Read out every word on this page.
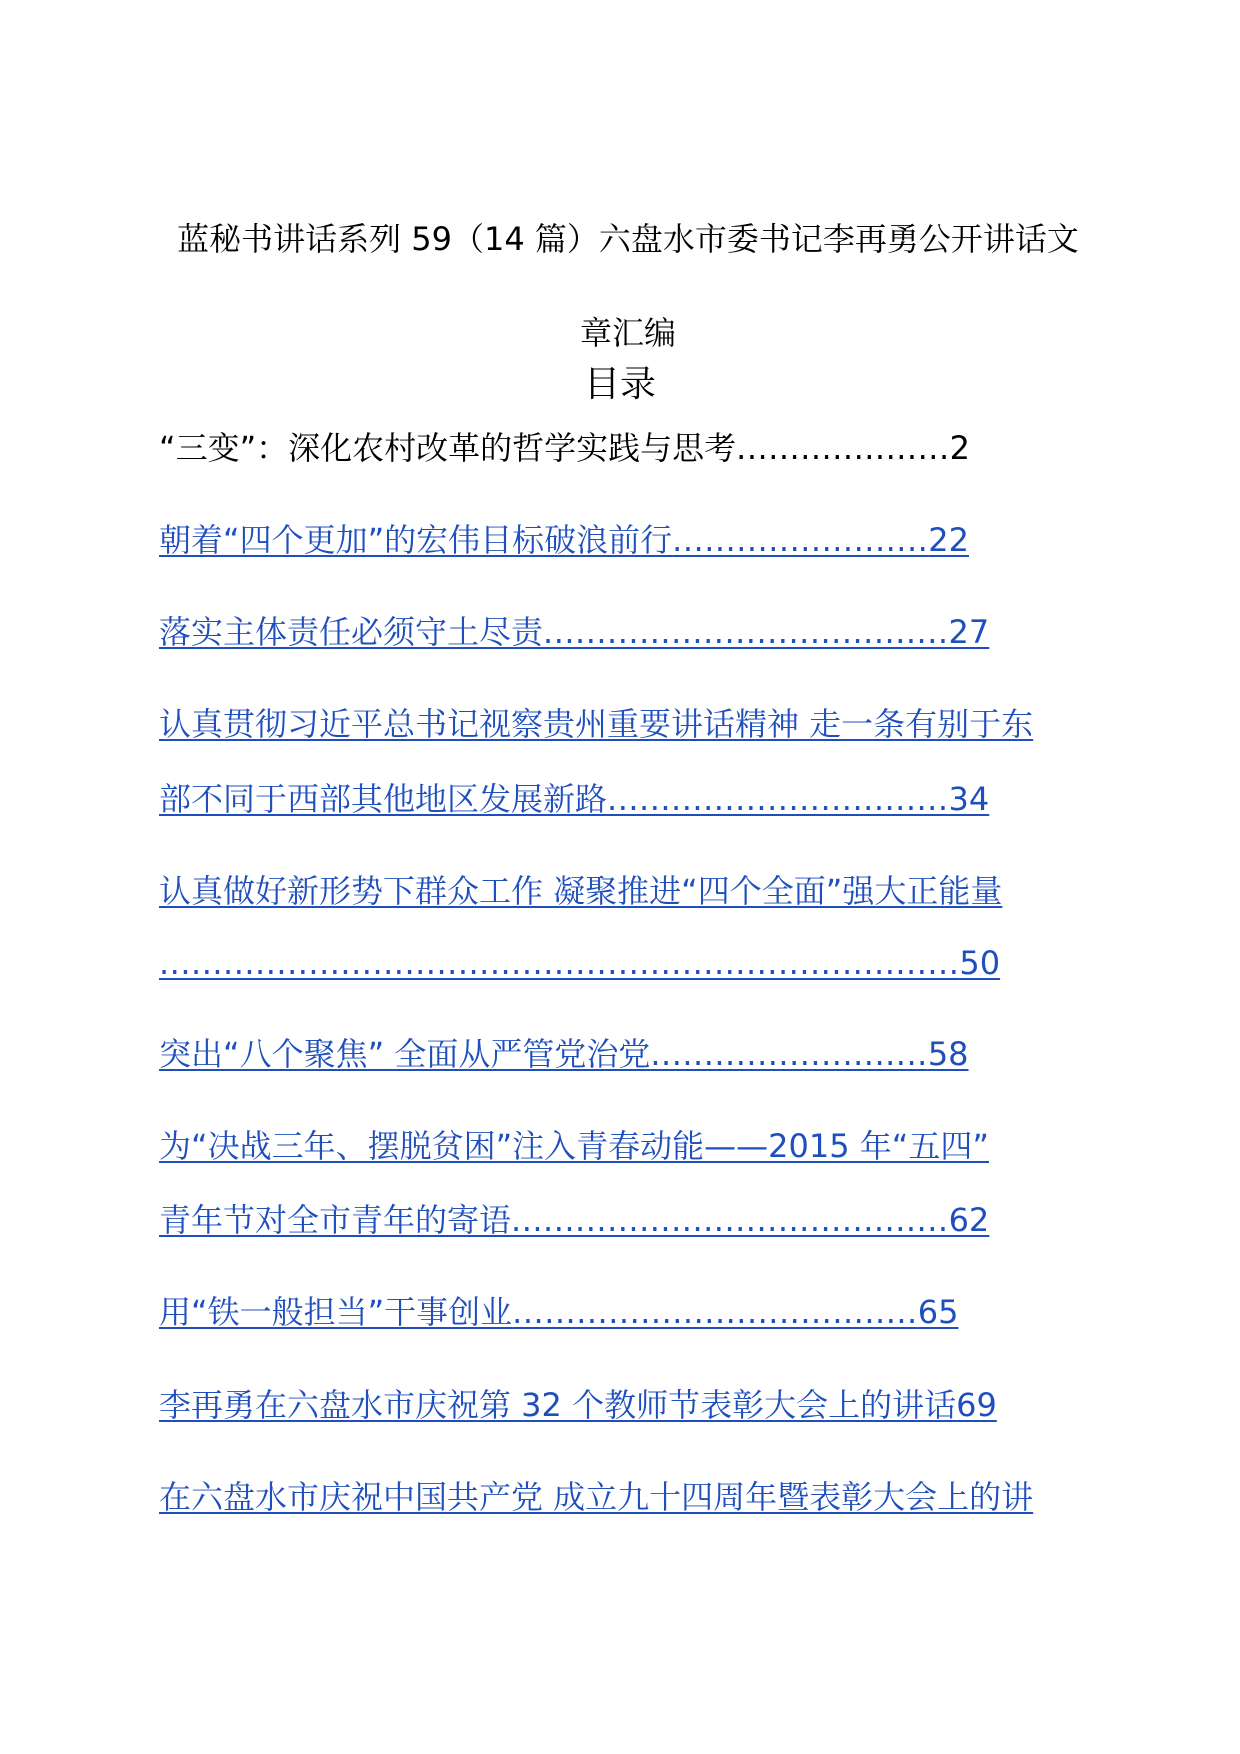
蓝秘书讲话系列 59（14 篇）六盘水市委书记李再勇公开讲话文
章汇编
目录
“三变”：深化农村改革的哲学实践与思考....................2
朝着“四个更加”的宏伟目标破浪前行........................22
落实主体责任必须守土尽责......................................27
认真贯彻习近平总书记视察贵州重要讲话精神 走一条有别于东
部不同于西部其他地区发展新路................................34
认真做好新形势下群众工作 凝聚推进“四个全面”强大正能量
...........................................................................50
突出“八个聚焦” 全面从严管党治党..........................58
为“决战三年、摆脱贫困”注入青春动能——2015 年“五四”
青年节对全市青年的寄语.........................................62
用“铁一般担当”干事创业......................................65
李再勇在六盘水市庆祝第 32 个教师节表彰大会上的讲话69
在六盘水市庆祝中国共产党 成立九十四周年暨表彰大会上的讲
